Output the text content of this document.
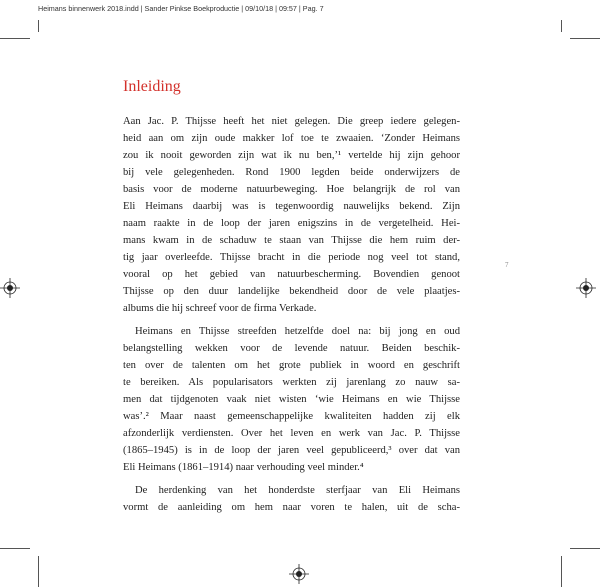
Heimans binnenwerk 2018.indd | Sander Pinkse Boekproductie | 09/10/18 | 09:57 | Pag. 7
Inleiding
Aan Jac. P. Thijsse heeft het niet gelegen. Die greep iedere gelegen-
heid aan om zijn oude makker lof toe te zwaaien. ‘Zonder Heimans
zou ik nooit geworden zijn wat ik nu ben,’¹ vertelde hij zijn gehoor
bij vele gelegenheden. Rond 1900 legden beide onderwijzers de
basis voor de moderne natuurbeweging. Hoe belangrijk de rol van
Eli Heimans daarbij was is tegenwoordig nauwelijks bekend. Zijn
naam raakte in de loop der jaren enigszins in de vergetelheid. Hei-
mans kwam in de schaduw te staan van Thijsse die hem ruim der-
tig jaar overleefde. Thijsse bracht in die periode nog veel tot stand,
vooral op het gebied van natuurbescherming. Bovendien genoot
Thijsse op den duur landelijke bekendheid door de vele plaatjes-
albums die hij schreef voor de firma Verkade.
Heimans en Thijsse streefden hetzelfde doel na: bij jong en oud
belangstelling wekken voor de levende natuur. Beiden beschik-
ten over de talenten om het grote publiek in woord en geschrift
te bereiken. Als popularisators werkten zij jarenlang zo nauw sa-
men dat tijdgenoten vaak niet wisten ‘wie Heimans en wie Thijsse
was’.² Maar naast gemeenschappelijke kwaliteiten hadden zij elk
afzonderlijk verdiensten. Over het leven en werk van Jac. P. Thijsse
(1865–1945) is in de loop der jaren veel gepubliceerd,³ over dat van
Eli Heimans (1861–1914) naar verhouding veel minder.⁴
De herdenking van het honderdste sterfjaar van Eli Heimans
vormt de aanleiding om hem naar voren te halen, uit de scha-
7
